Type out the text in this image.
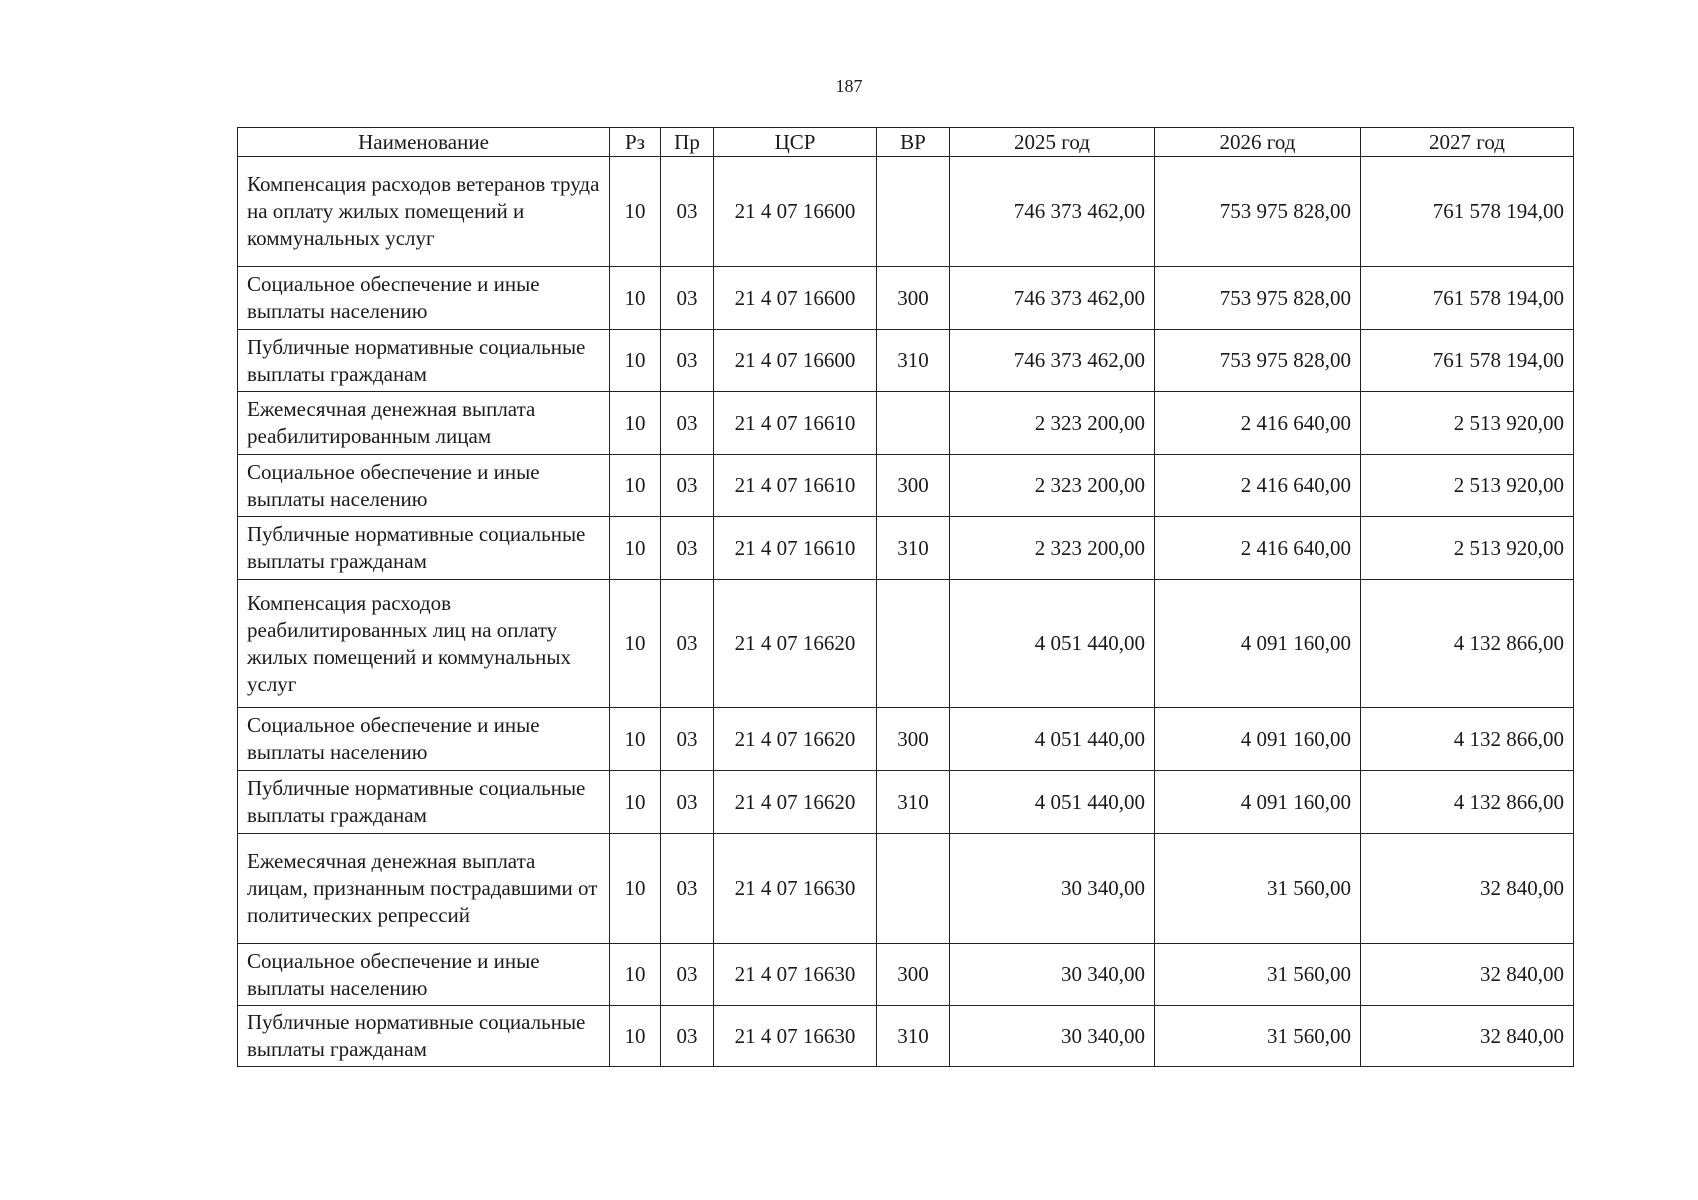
187
Наименование	Рз	Пр	ЦСР	ВР	2025 год	2026 год	2027 год
Компенсация расходов ветеранов труда на оплату жилых помещений и коммунальных услуг	10	03	21 4 07 16600		746 373 462,00	753 975 828,00	761 578 194,00
Социальное обеспечение и иные выплаты населению	10	03	21 4 07 16600	300	746 373 462,00	753 975 828,00	761 578 194,00
Публичные нормативные социальные выплаты гражданам	10	03	21 4 07 16600	310	746 373 462,00	753 975 828,00	761 578 194,00
Ежемесячная денежная выплата реабилитированным лицам	10	03	21 4 07 16610		2 323 200,00	2 416 640,00	2 513 920,00
Социальное обеспечение и иные выплаты населению	10	03	21 4 07 16610	300	2 323 200,00	2 416 640,00	2 513 920,00
Публичные нормативные социальные выплаты гражданам	10	03	21 4 07 16610	310	2 323 200,00	2 416 640,00	2 513 920,00
Компенсация расходов реабилитированных лиц на оплату жилых помещений и коммунальных услуг	10	03	21 4 07 16620		4 051 440,00	4 091 160,00	4 132 866,00
Социальное обеспечение и иные выплаты населению	10	03	21 4 07 16620	300	4 051 440,00	4 091 160,00	4 132 866,00
Публичные нормативные социальные выплаты гражданам	10	03	21 4 07 16620	310	4 051 440,00	4 091 160,00	4 132 866,00
Ежемесячная денежная выплата лицам, признанным пострадавшими от политических репрессий	10	03	21 4 07 16630		30 340,00	31 560,00	32 840,00
Социальное обеспечение и иные выплаты населению	10	03	21 4 07 16630	300	30 340,00	31 560,00	32 840,00
Публичные нормативные социальные выплаты гражданам	10	03	21 4 07 16630	310	30 340,00	31 560,00	32 840,00
